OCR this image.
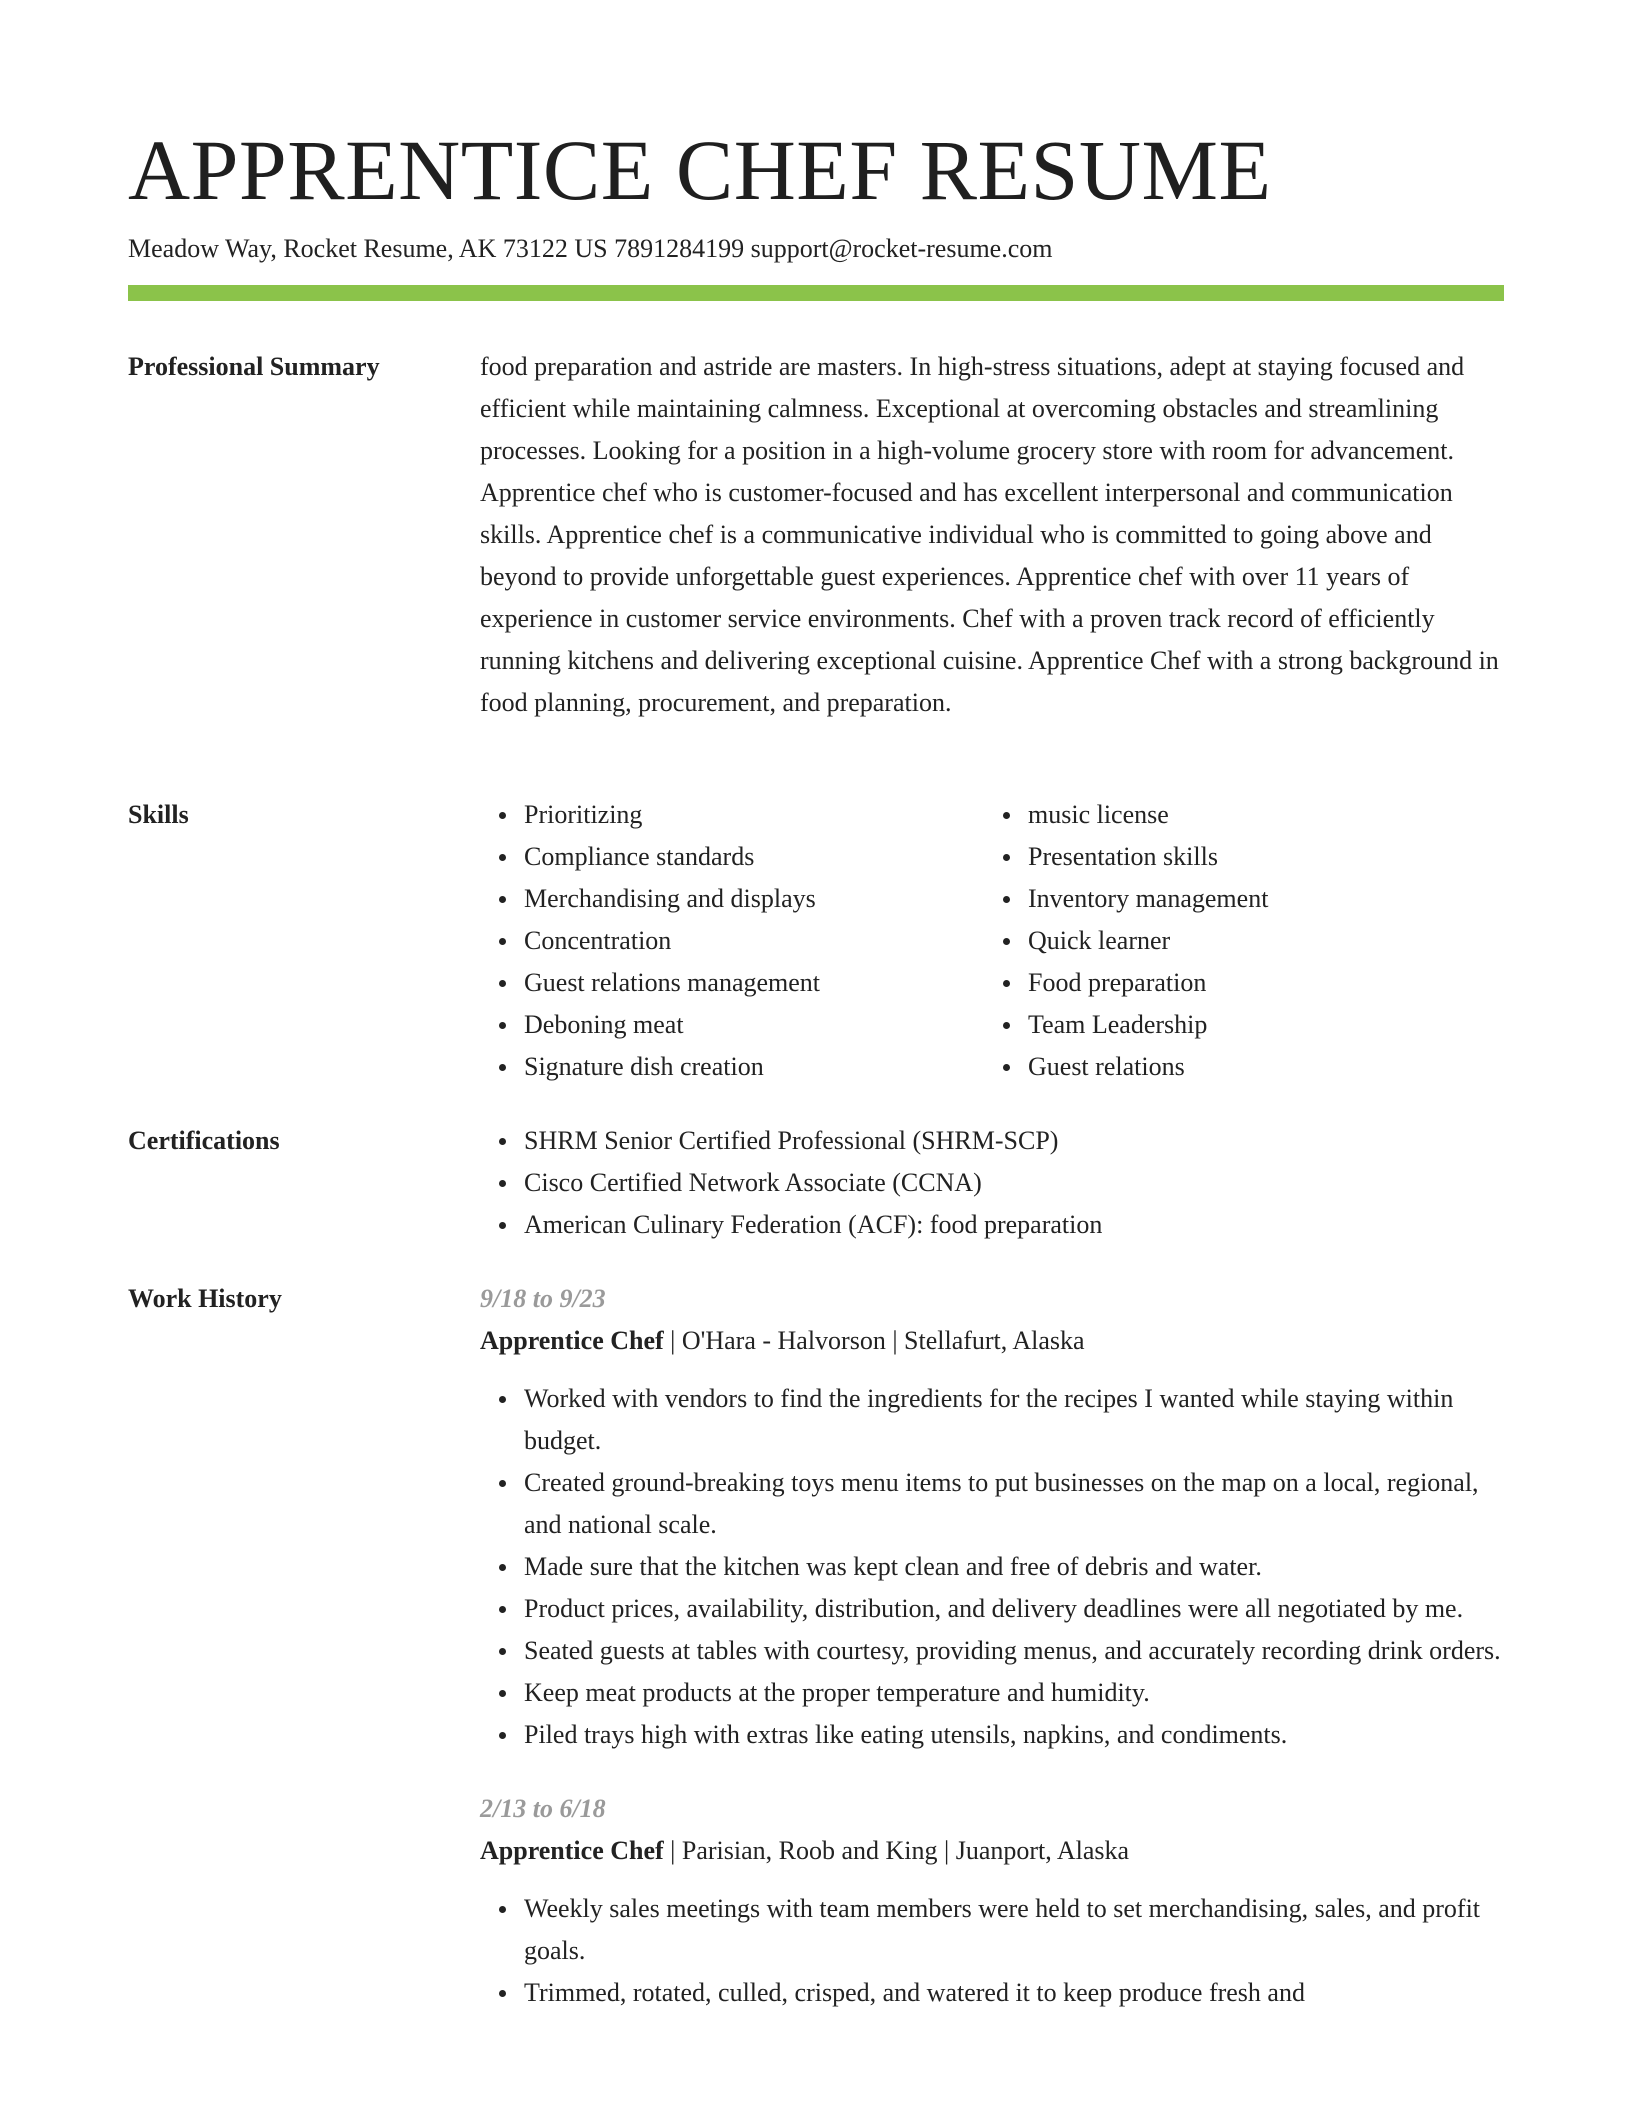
APPRENTICE CHEF RESUME
Meadow Way, Rocket Resume, AK 73122 US 7891284199 support@rocket-resume.com
Professional Summary	food preparation and astride are masters. In high-stress situations, adept at staying focused and efficient while maintaining calmness. Exceptional at overcoming obstacles and streamlining processes. Looking for a position in a high-volume grocery store with room for advancement. Apprentice chef who is customer-focused and has excellent interpersonal and communication skills. Apprentice chef is a communicative individual who is committed to going above and beyond to provide unforgettable guest experiences. Apprentice chef with over 11 years of experience in customer service environments. Chef with a proven track record of efficiently running kitchens and delivering exceptional cuisine. Apprentice Chef with a strong background in food planning, procurement, and preparation.

Skills	Prioritizing
Compliance standards
Merchandising and displays
Concentration
Guest relations management
Deboning meat
Signature dish creation
music license
Presentation skills
Inventory management
Quick learner
Food preparation
Team Leadership
Guest relations
Certifications	SHRM Senior Certified Professional (SHRM-SCP)
Cisco Certified Network Associate (CCNA)
American Culinary Federation (ACF): food preparation
Work History	9/18 to 9/23
Apprentice Chef | O'Hara - Halvorson | Stellafurt, Alaska
Worked with vendors to find the ingredients for the recipes I wanted while staying within budget.
Created ground-breaking toys menu items to put businesses on the map on a local, regional, and national scale.
Made sure that the kitchen was kept clean and free of debris and water.
Product prices, availability, distribution, and delivery deadlines were all negotiated by me.
Seated guests at tables with courtesy, providing menus, and accurately recording drink orders.
Keep meat products at the proper temperature and humidity.
Piled trays high with extras like eating utensils, napkins, and condiments.
2/13 to 6/18
Apprentice Chef | Parisian, Roob and King | Juanport, Alaska
Weekly sales meetings with team members were held to set merchandising, sales, and profit goals.
Trimmed, rotated, culled, crisped, and watered it to keep produce fresh and
